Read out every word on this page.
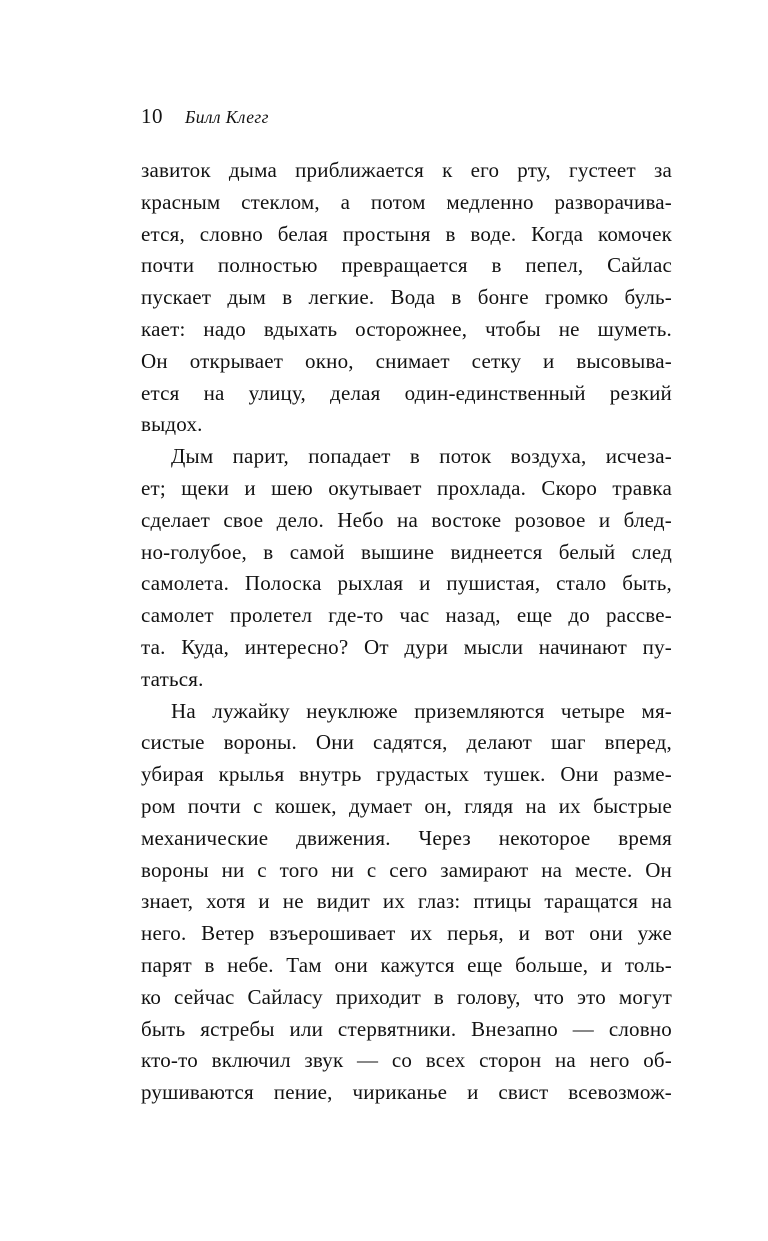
10 Билл Клегг
завиток дыма приближается к его рту, густеет за
красным стеклом, а потом медленно разворачива-
ется, словно белая простыня в воде. Когда комочек
почти полностью превращается в пепел, Сайлас
пускает дым в легкие. Вода в бонге громко буль-
кает: надо вдыхать осторожнее, чтобы не шуметь.
Он открывает окно, снимает сетку и высовыва-
ется на улицу, делая один-единственный резкий
выдох.
Дым парит, попадает в поток воздуха, исчеза-
ет; щеки и шею окутывает прохлада. Скоро травка
сделает свое дело. Небо на востоке розовое и блед-
но-голубое, в самой вышине виднеется белый след
самолета. Полоска рыхлая и пушистая, стало быть,
самолет пролетел где-то час назад, еще до рассве-
та. Куда, интересно? От дури мысли начинают пу-
таться.
На лужайку неуклюже приземляются четыре мя-
систые вороны. Они садятся, делают шаг вперед,
убирая крылья внутрь грудастых тушек. Они разме-
ром почти с кошек, думает он, глядя на их быстрые
механические движения. Через некоторое время
вороны ни с того ни с сего замирают на месте. Он
знает, хотя и не видит их глаз: птицы таращатся на
него. Ветер взъерошивает их перья, и вот они уже
парят в небе. Там они кажутся еще больше, и толь-
ко сейчас Сайласу приходит в голову, что это могут
быть ястребы или стервятники. Внезапно — словно
кто-то включил звук — со всех сторон на него об-
рушиваются пение, чириканье и свист всевозмож-
